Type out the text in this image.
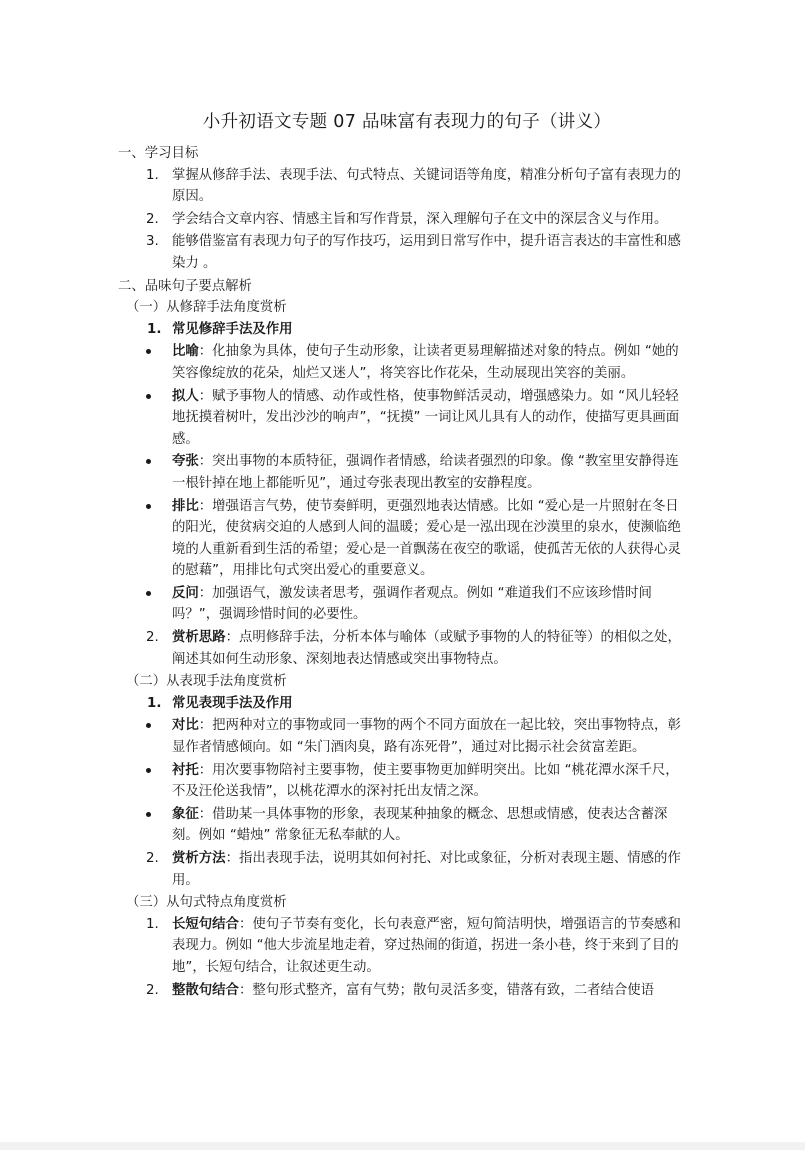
小升初语文专题 07 品味富有表现力的句子（讲义）
一、学习目标
1. 掌握从修辞手法、表现手法、句式特点、关键词语等角度，精准分析句子富有表现力的原因。
2. 学会结合文章内容、情感主旨和写作背景，深入理解句子在文中的深层含义与作用。
3. 能够借鉴富有表现力句子的写作技巧，运用到日常写作中，提升语言表达的丰富性和感染力 。
二、品味句子要点解析
（一）从修辞手法角度赏析
1. 常见修辞手法及作用
比喻：化抽象为具体，使句子生动形象，让读者更易理解描述对象的特点。例如 “她的笑容像绽放的花朵，灿烂又迷人”，将笑容比作花朵，生动展现出笑容的美丽。
拟人：赋予事物人的情感、动作或性格，使事物鲜活灵动，增强感染力。如 “风儿轻轻地抚摸着树叶，发出沙沙的响声”，“抚摸” 一词让风儿具有人的动作，使描写更具画面感。
夸张：突出事物的本质特征，强调作者情感，给读者强烈的印象。像 “教室里安静得连一根针掉在地上都能听见”，通过夸张表现出教室的安静程度。
排比：增强语言气势，使节奏鲜明，更强烈地表达情感。比如 “爱心是一片照射在冬日的阳光，使贫病交迫的人感到人间的温暖；爱心是一泓出现在沙漠里的泉水，使濒临绝境的人重新看到生活的希望；爱心是一首飘荡在夜空的歌谣，使孤苦无依的人获得心灵的慰藉”，用排比句式突出爱心的重要意义。
反问：加强语气，激发读者思考，强调作者观点。例如 “难道我们不应该珍惜时间吗？”，强调珍惜时间的必要性。
2. 赏析思路：点明修辞手法，分析本体与喻体（或赋予事物的人的特征等）的相似之处，阐述其如何生动形象、深刻地表达情感或突出事物特点。
（二）从表现手法角度赏析
1. 常见表现手法及作用
对比：把两种对立的事物或同一事物的两个不同方面放在一起比较，突出事物特点，彰显作者情感倾向。如 “朱门酒肉臭，路有冻死骨”，通过对比揭示社会贫富差距。
衬托：用次要事物陪衬主要事物，使主要事物更加鲜明突出。比如 “桃花潭水深千尺，不及汪伦送我情”，以桃花潭水的深衬托出友情之深。
象征：借助某一具体事物的形象，表现某种抽象的概念、思想或情感，使表达含蓄深刻。例如 “蜡烛” 常象征无私奉献的人。
2. 赏析方法：指出表现手法，说明其如何衬托、对比或象征，分析对表现主题、情感的作用。
（三）从句式特点角度赏析
1. 长短句结合：使句子节奏有变化，长句表意严密，短句简洁明快，增强语言的节奏感和表现力。例如 “他大步流星地走着，穿过热闹的街道，拐进一条小巷，终于来到了目的地”，长短句结合，让叙述更生动。
2. 整散句结合：整句形式整齐，富有气势；散句灵活多变，错落有致，二者结合使语
